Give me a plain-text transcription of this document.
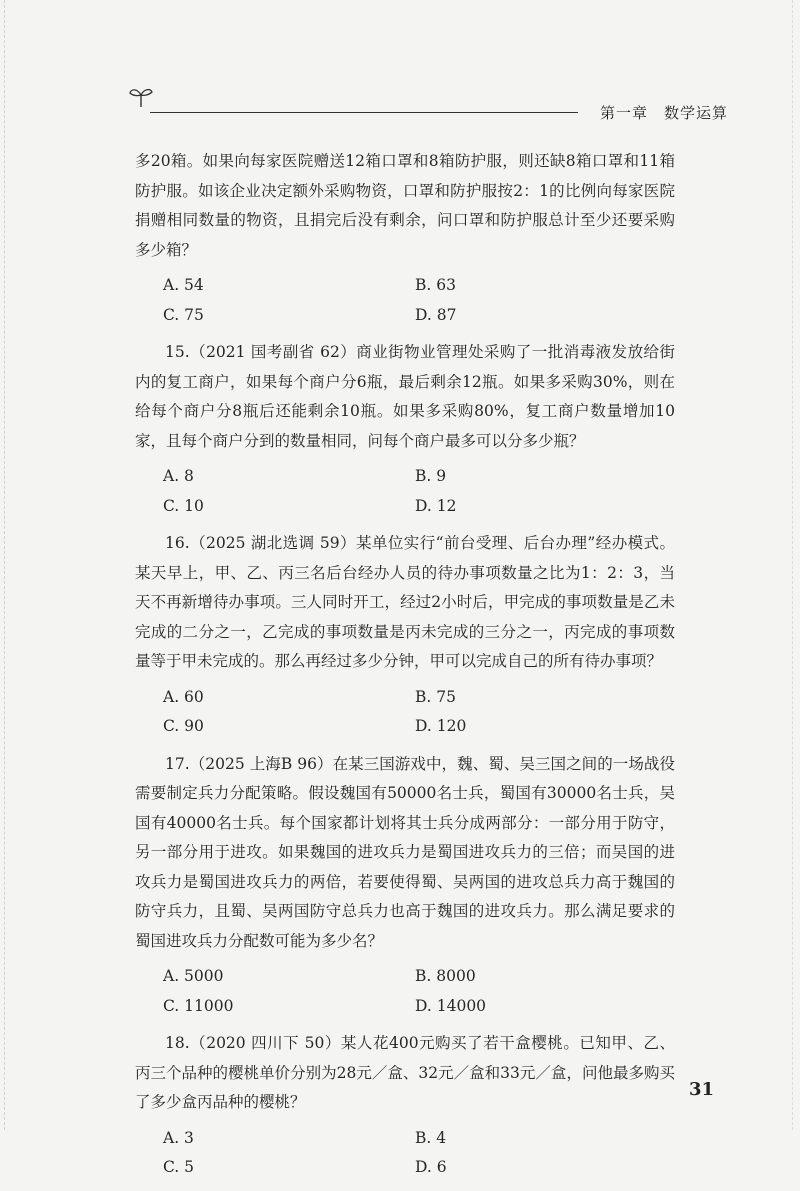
第一章　数学运算

多20箱。如果向每家医院赠送12箱口罩和8箱防护服，则还缺8箱口罩和11箱防护服。如该企业决定额外采购物资，口罩和防护服按2：1的比例向每家医院捐赠相同数量的物资，且捐完后没有剩余，问口罩和防护服总计至少还要采购多少箱？

A. 54	B. 63
C. 75	D. 87

15.（2021 国考副省 62）商业街物业管理处采购了一批消毒液发放给街内的复工商户，如果每个商户分6瓶，最后剩余12瓶。如果多采购30%，则在给每个商户分8瓶后还能剩余10瓶。如果多采购80%，复工商户数量增加10家，且每个商户分到的数量相同，问每个商户最多可以分多少瓶？

A. 8	B. 9
C. 10	D. 12

16.（2025 湖北选调 59）某单位实行“前台受理、后台办理”经办模式。某天早上，甲、乙、丙三名后台经办人员的待办事项数量之比为1：2：3，当天不再新增待办事项。三人同时开工，经过2小时后，甲完成的事项数量是乙未完成的二分之一，乙完成的事项数量是丙未完成的三分之一，丙完成的事项数量等于甲未完成的。那么再经过多少分钟，甲可以完成自己的所有待办事项？

A. 60	B. 75
C. 90	D. 120

17.（2025 上海B 96）在某三国游戏中，魏、蜀、吴三国之间的一场战役需要制定兵力分配策略。假设魏国有50000名士兵，蜀国有30000名士兵，吴国有40000名士兵。每个国家都计划将其士兵分成两部分：一部分用于防守，另一部分用于进攻。如果魏国的进攻兵力是蜀国进攻兵力的三倍；而吴国的进攻兵力是蜀国进攻兵力的两倍，若要使得蜀、吴两国的进攻总兵力高于魏国的防守兵力，且蜀、吴两国防守总兵力也高于魏国的进攻兵力。那么满足要求的蜀国进攻兵力分配数可能为多少名？

A. 5000	B. 8000
C. 11000	D. 14000

18.（2020 四川下 50）某人花400元购买了若干盒樱桃。已知甲、乙、丙三个品种的樱桃单价分别为28元／盒、32元／盒和33元／盒，问他最多购买了多少盒丙品种的樱桃？

A. 3	B. 4
C. 5	D. 6
31
